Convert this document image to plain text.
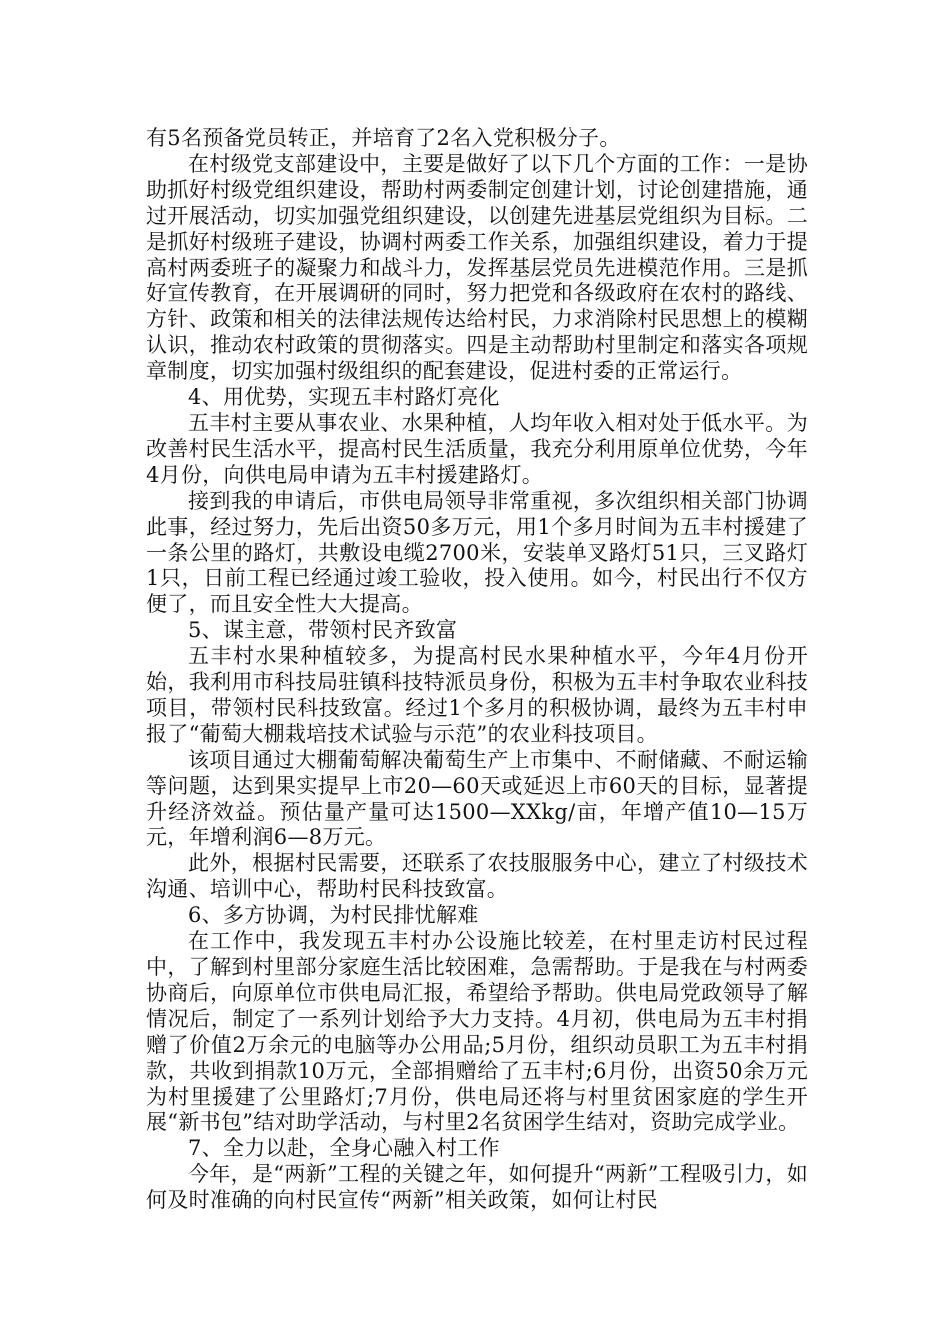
有5名预备党员转正，并培育了2名入党积极分子。

在村级党支部建设中，主要是做好了以下几个方面的工作：一是协助抓好村级党组织建设，帮助村两委制定创建计划，讨论创建措施，通过开展活动，切实加强党组织建设，以创建先进基层党组织为目标。二是抓好村级班子建设，协调村两委工作关系，加强组织建设，着力于提高村两委班子的凝聚力和战斗力，发挥基层党员先进模范作用。三是抓好宣传教育，在开展调研的同时，努力把党和各级政府在农村的路线、方针、政策和相关的法律法规传达给村民，力求消除村民思想上的模糊认识，推动农村政策的贯彻落实。四是主动帮助村里制定和落实各项规章制度，切实加强村级组织的配套建设，促进村委的正常运行。

4、用优势，实现五丰村路灯亮化

五丰村主要从事农业、水果种植，人均年收入相对处于低水平。为改善村民生活水平，提高村民生活质量，我充分利用原单位优势，今年4月份，向供电局申请为五丰村援建路灯。

接到我的申请后，市供电局领导非常重视，多次组织相关部门协调此事，经过努力，先后出资50多万元，用1个多月时间为五丰村援建了一条公里的路灯，共敷设电缆2700米，安装单叉路灯51只，三叉路灯1只，日前工程已经通过竣工验收，投入使用。如今，村民出行不仅方便了，而且安全性大大提高。

5、谋主意，带领村民齐致富

五丰村水果种植较多，为提高村民水果种植水平，今年4月份开始，我利用市科技局驻镇科技特派员身份，积极为五丰村争取农业科技项目，带领村民科技致富。经过1个多月的积极协调，最终为五丰村申报了“葡萄大棚栽培技术试验与示范”的农业科技项目。

该项目通过大棚葡萄解决葡萄生产上市集中、不耐储藏、不耐运输等问题，达到果实提早上市20—60天或延迟上市60天的目标，显著提升经济效益。预估量产量可达1500—XXkg/亩，年增产值10—15万元，年增利润6—8万元。

此外，根据村民需要，还联系了农技服服务中心，建立了村级技术沟通、培训中心，帮助村民科技致富。

6、多方协调，为村民排忧解难

在工作中，我发现五丰村办公设施比较差，在村里走访村民过程中，了解到村里部分家庭生活比较困难，急需帮助。于是我在与村两委协商后，向原单位市供电局汇报，希望给予帮助。供电局党政领导了解情况后，制定了一系列计划给予大力支持。4月初，供电局为五丰村捐赠了价值2万余元的电脑等办公用品;5月份，组织动员职工为五丰村捐款，共收到捐款10万元，全部捐赠给了五丰村;6月份，出资50余万元为村里援建了公里路灯;7月份，供电局还将与村里贫困家庭的学生开展“新书包”结对助学活动，与村里2名贫困学生结对，资助完成学业。

7、全力以赴，全身心融入村工作

今年，是“两新”工程的关键之年，如何提升“两新”工程吸引力，如何及时准确的向村民宣传“两新”相关政策，如何让村民
